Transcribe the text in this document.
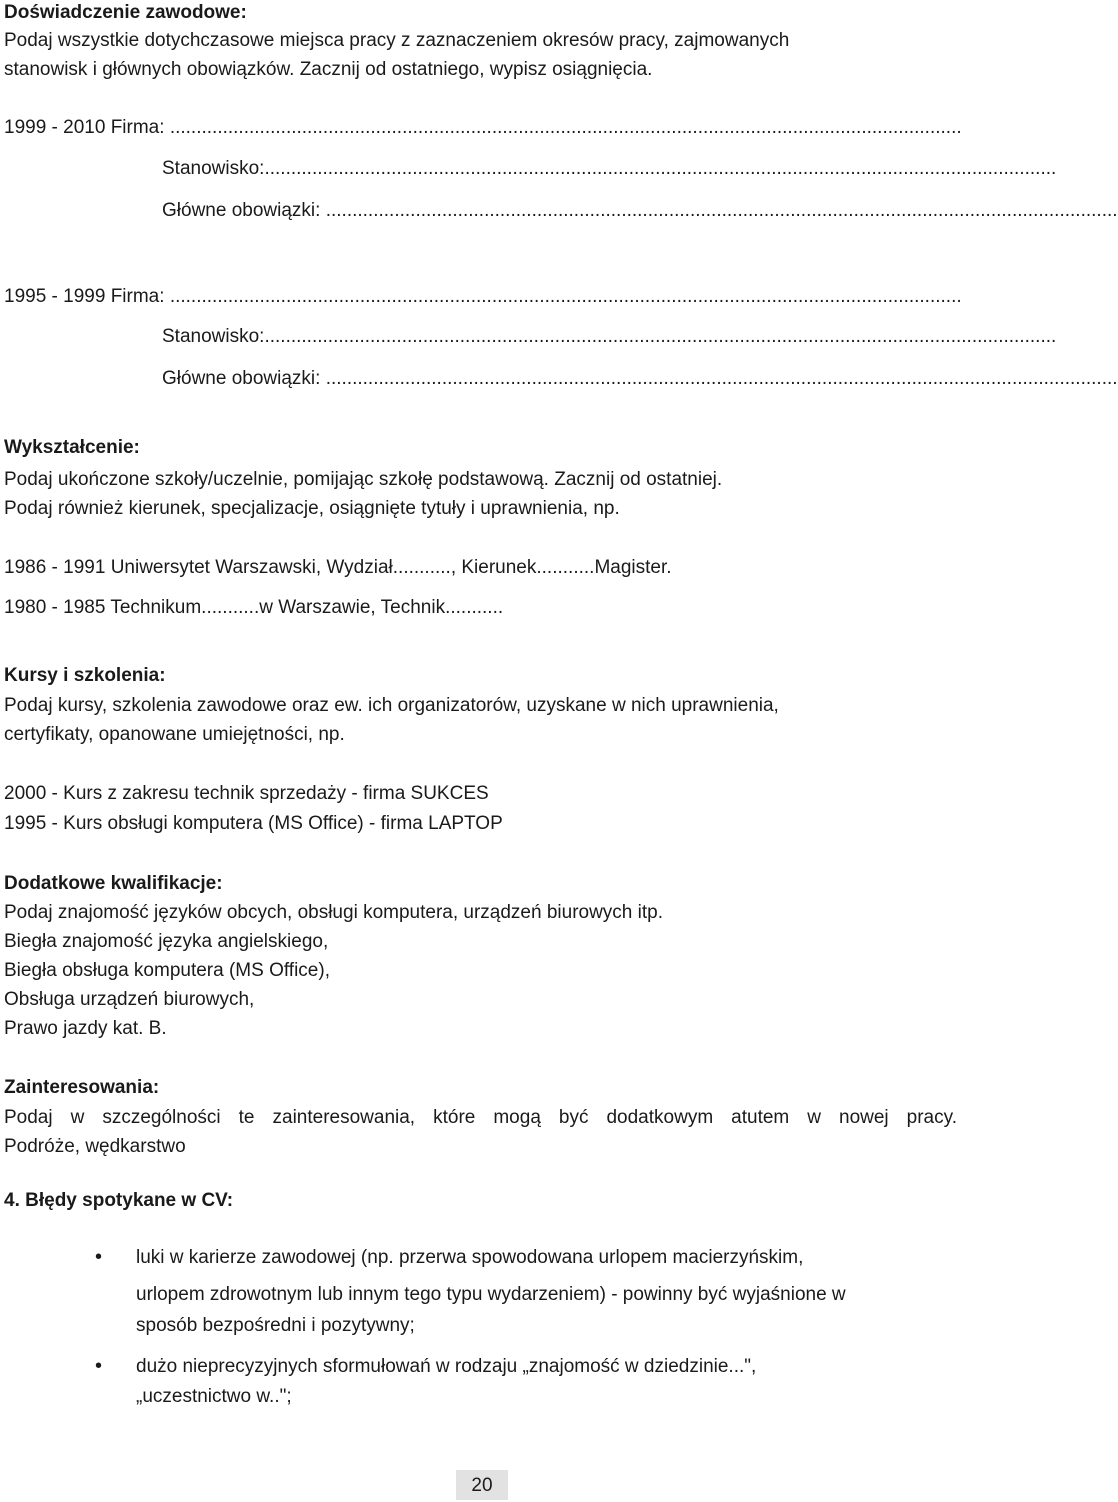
Doświadczenie zawodowe:
Podaj wszystkie dotychczasowe miejsca pracy z zaznaczeniem okresów pracy, zajmowanych
stanowisk i głównych obowiązków. Zacznij od ostatniego, wypisz osiągnięcia.
1999 - 2010 Firma: ......................................................................................................................................................
Stanowisko:......................................................................................................................................................
Główne obowiązki: ......................................................................................................................................................
1995 - 1999 Firma: ......................................................................................................................................................
Stanowisko:......................................................................................................................................................
Główne obowiązki: ......................................................................................................................................................
Wykształcenie:
Podaj ukończone szkoły/uczelnie, pomijając szkołę podstawową. Zacznij od ostatniej.
Podaj również kierunek, specjalizacje, osiągnięte tytuły i uprawnienia, np.
1986 - 1991 Uniwersytet Warszawski, Wydział..........., Kierunek...........Magister.
1980 - 1985 Technikum...........w Warszawie, Technik...........
Kursy i szkolenia:
Podaj kursy, szkolenia zawodowe oraz ew. ich organizatorów, uzyskane w nich uprawnienia,
certyfikaty, opanowane umiejętności, np.
2000 - Kurs z zakresu technik sprzedaży - firma SUKCES
1995 - Kurs obsługi komputera (MS Office) - firma LAPTOP
Dodatkowe kwalifikacje:
Podaj znajomość języków obcych, obsługi komputera, urządzeń biurowych itp.
Biegła znajomość języka angielskiego,
Biegła obsługa komputera (MS Office),
Obsługa urządzeń biurowych,
Prawo jazdy kat. B.
Zainteresowania:
Podaj w szczególności te zainteresowania, które mogą być dodatkowym atutem w nowej pracy.
Podróże, wędkarstwo
4. Błędy spotykane w CV:
• luki w karierze zawodowej (np. przerwa spowodowana urlopem macierzyńskim,
urlopem zdrowotnym lub innym tego typu wydarzeniem) - powinny być wyjaśnione w
sposób bezpośredni i pozytywny;
• dużo nieprecyzyjnych sformułowań w rodzaju „znajomość w dziedzinie...",
„uczestnictwo w..";
20
